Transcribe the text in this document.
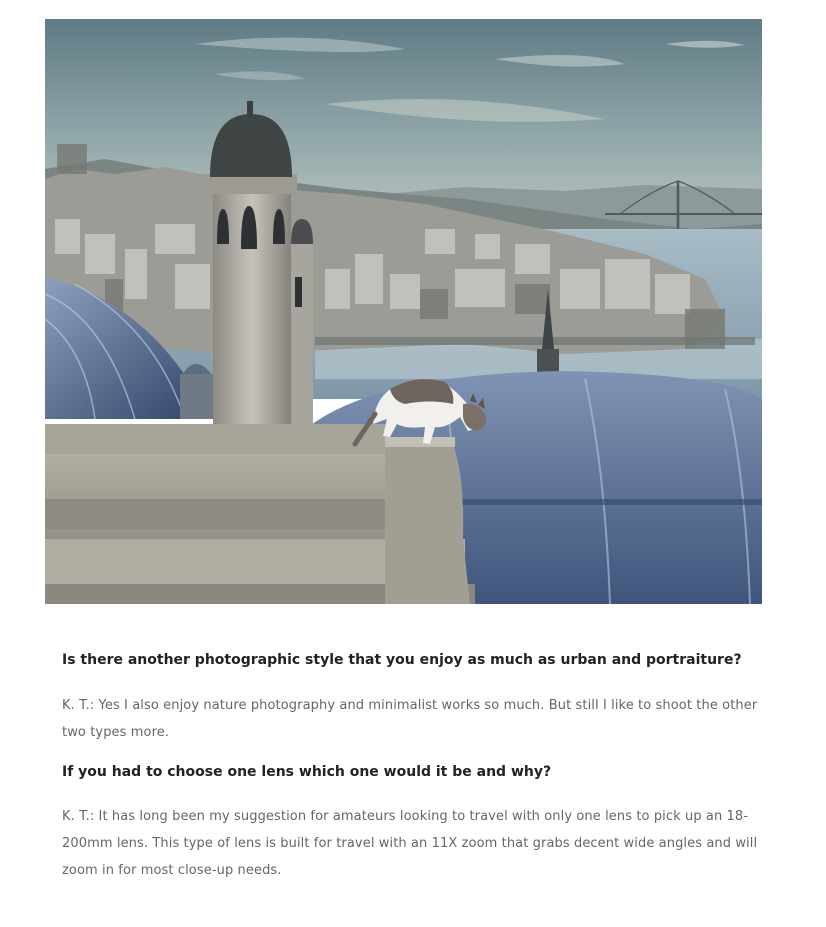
Is there another photographic style that you enjoy as much as urban and portraiture?

K. T.: Yes I also enjoy nature photography and minimalist works so much. But still I like to shoot the other two types more.

If you had to choose one lens which one would it be and why?

K. T.: It has long been my suggestion for amateurs looking to travel with only one lens to pick up an 18-200mm lens. This type of lens is built for travel with an 11X zoom that grabs decent wide angles and will zoom in for most close-up needs.
